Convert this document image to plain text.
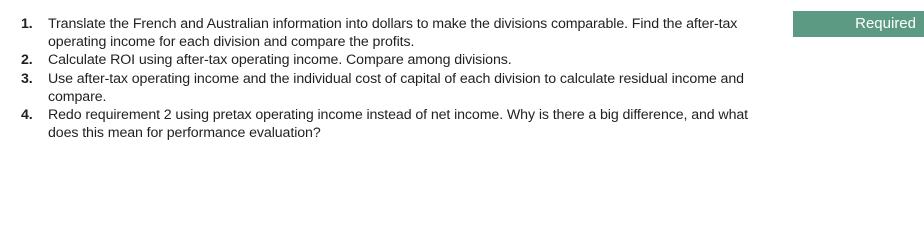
Required
1.	Translate the French and Australian information into dollars to make the divisions comparable. Find the after-tax operating income for each division and compare the profits.
2.	Calculate ROI using after-tax operating income. Compare among divisions.
3.	Use after-tax operating income and the individual cost of capital of each division to calculate residual income and compare.
4.	Redo requirement 2 using pretax operating income instead of net income. Why is there a big difference, and what does this mean for performance evaluation?
